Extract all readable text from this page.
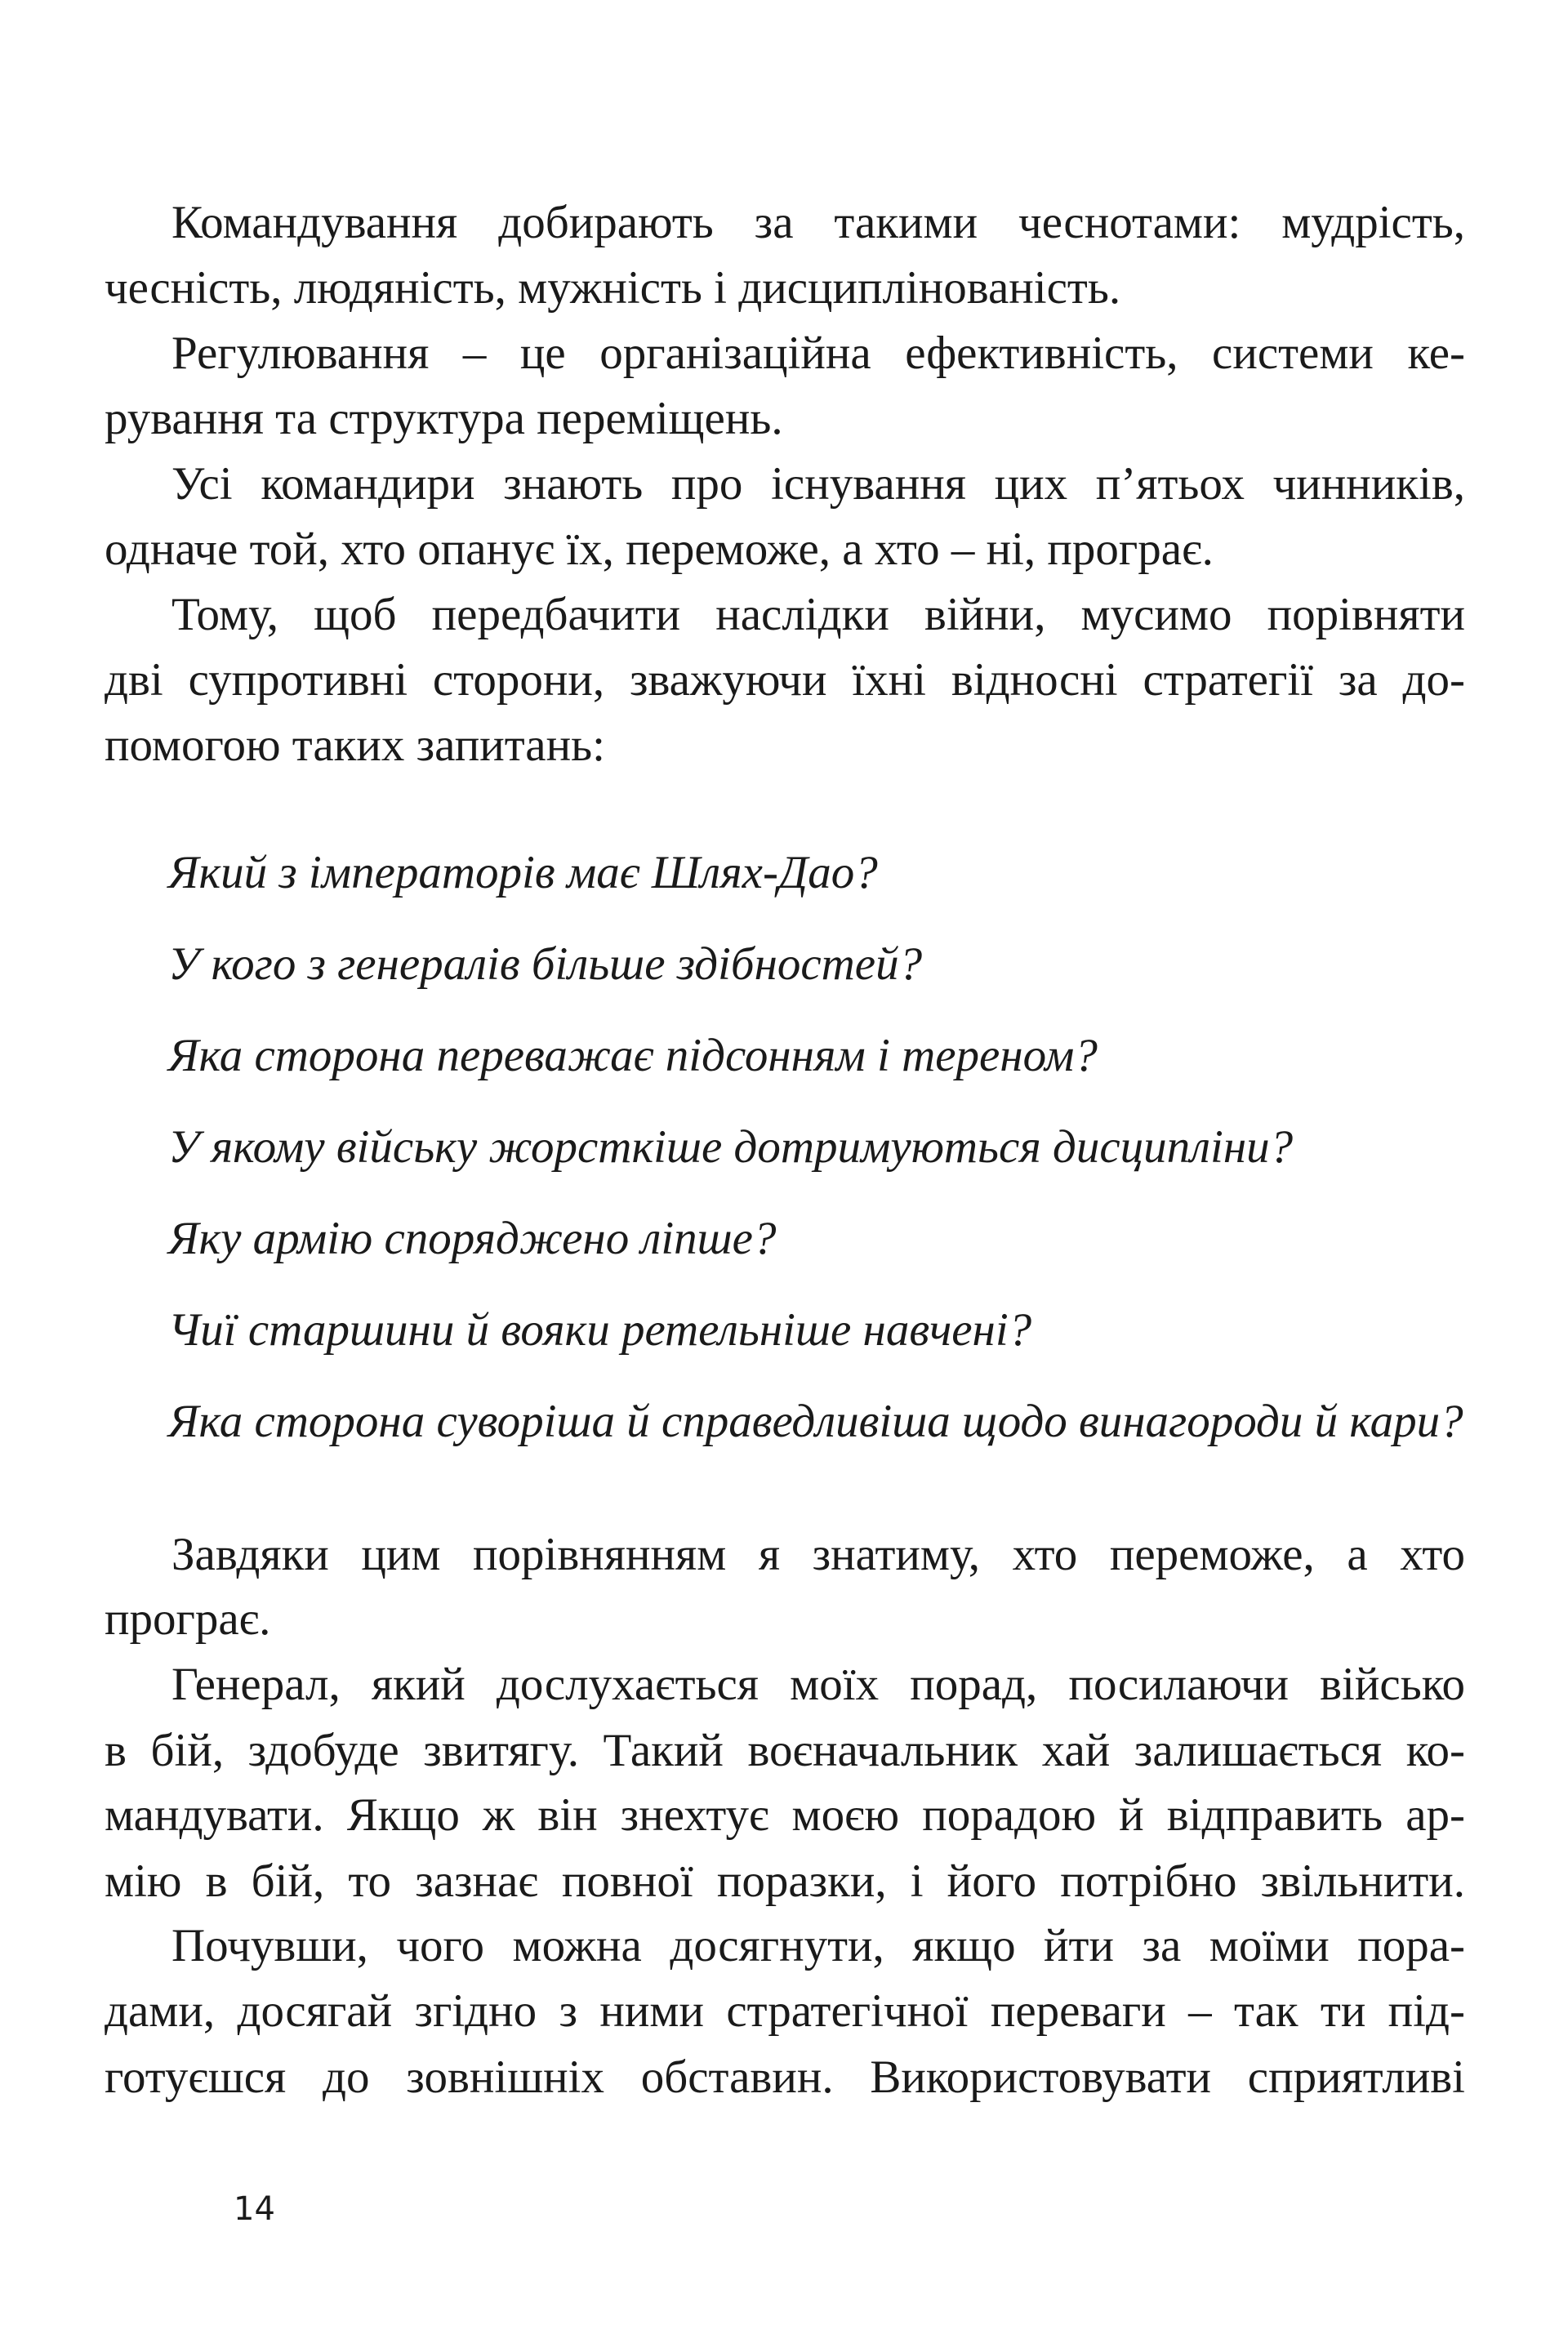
Командування добирають за такими чеснотами: мудрість,
чесність, людяність, мужність і дисциплінованість.
Регулювання – це організаційна ефективність, системи ке-
рування та структура переміщень.
Усі командири знають про існування цих п’ятьох чинників,
одначе той, хто опанує їх, переможе, а хто – ні, програє.
Тому, щоб передбачити наслідки війни, мусимо порівняти
дві супротивні сторони, зважуючи їхні відносні стратегії за до-
помогою таких запитань:
Який з імператорів має Шлях-Дао?
У кого з генералів більше здібностей?
Яка сторона переважає підсонням і тереном?
У якому війську жорсткіше дотримуються дисципліни?
Яку армію споряджено ліпше?
Чиї старшини й вояки ретельніше навчені?
Яка сторона суворіша й справедливіша щодо винагороди й кари?
Завдяки цим порівнянням я знатиму, хто переможе, а хто
програє.
Генерал, який дослухається моїх порад, посилаючи військо
в бій, здобуде звитягу. Такий воєначальник хай залишається ко-
мандувати. Якщо ж він знехтує моєю порадою й відправить ар-
мію в бій, то зазнає повної поразки, і його потрібно звільнити.
Почувши, чого можна досягнути, якщо йти за моїми пора-
дами, досягай згідно з ними стратегічної переваги – так ти під-
готуєшся до зовнішніх обставин. Використовувати сприятливі
14
